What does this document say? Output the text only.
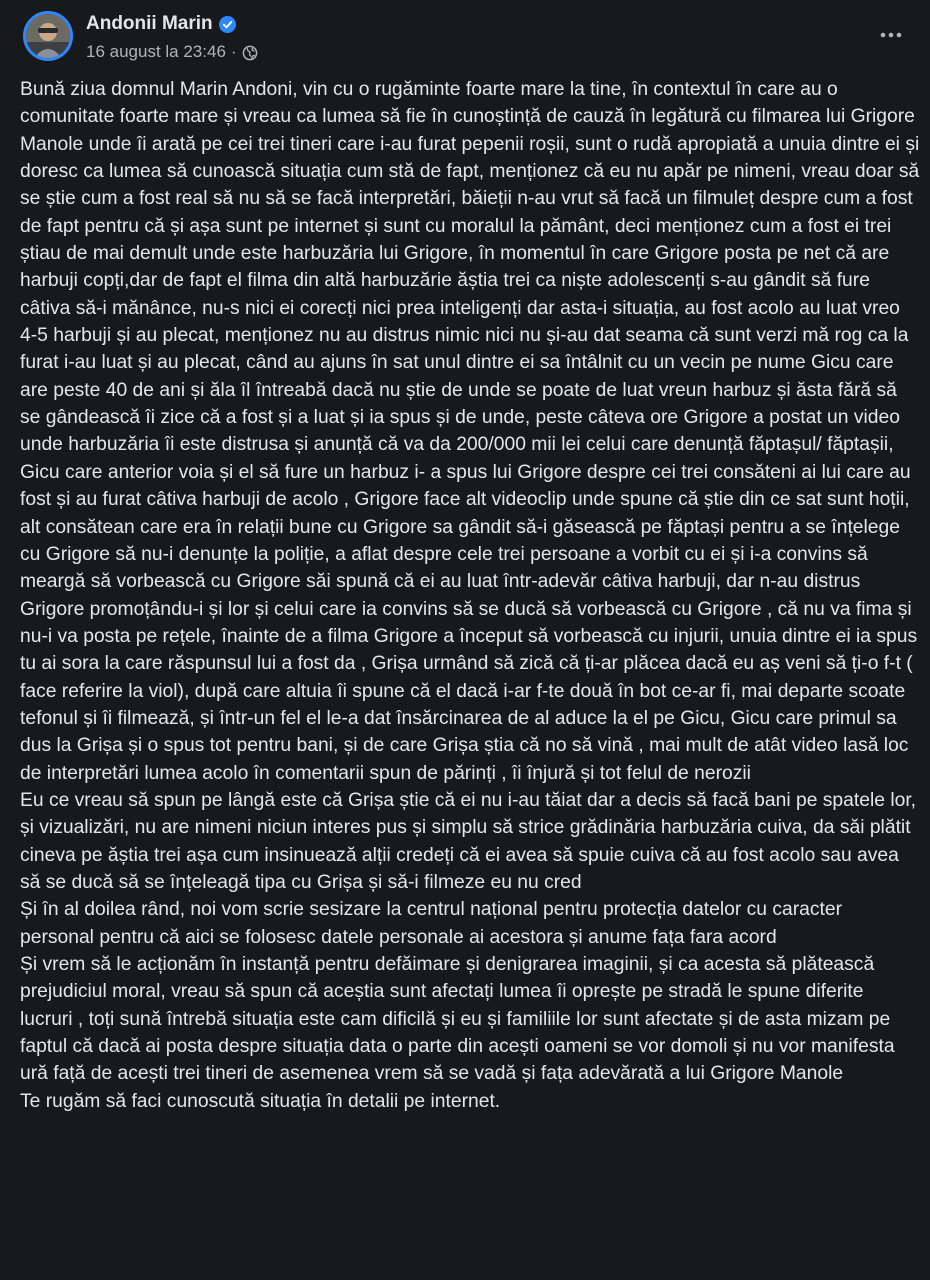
Andonii Marin
16 august la 23:46 ·

Bună ziua domnul Marin Andoni, vin cu o rugăminte foarte mare la tine, în contextul în care au o comunitate foarte mare și vreau ca lumea să fie în cunoștință de cauză în legătură cu filmarea lui Grigore Manole unde îi arată pe cei trei tineri care i-au furat pepenii roșii, sunt o rudă apropiată a unuia dintre ei și doresc ca lumea să cunoască situația cum stă de fapt, menționez că eu nu apăr pe nimeni, vreau doar să se știe cum a fost real să nu să se facă interpretări, băieții n-au vrut să facă un filmuleț despre cum a fost de fapt pentru că și așa sunt pe internet și sunt cu moralul la pământ, deci menționez cum a fost ei trei știau de mai demult unde este harbuzăria lui Grigore, în momentul în care Grigore posta pe net că are harbuji copți,dar de fapt el filma din altă harbuzărie ăștia trei ca niște adolescenți s-au gândit să fure câtiva să-i mănânce, nu-s nici ei corecți nici prea inteligenți dar asta-i situația, au fost acolo au luat vreo 4-5 harbuji și au plecat, menționez nu au distrus nimic nici nu și-au dat seama că sunt verzi mă rog ca la furat i-au luat și au plecat, când au ajuns în sat unul dintre ei sa întâlnit cu un vecin pe nume Gicu care are peste 40 de ani și ăla îl întreabă dacă nu știe de unde se poate de luat vreun harbuz și ăsta fără să se gândească îi zice că a fost și a luat și ia spus și de unde, peste câteva ore Grigore a postat un video unde harbuzăria îi este distrusa și anunță că va da 200/000 mii lei celui care denunță făptașul/ făptașii, Gicu care anterior voia și el să fure un harbuz i- a spus lui Grigore despre cei trei consăteni ai lui care au fost și au furat câtiva harbuji de acolo , Grigore face alt videoclip unde spune că știe din ce sat sunt hoții, alt consătean care era în relații bune cu Grigore sa gândit să-i găsească pe făptași pentru a se înțelege cu Grigore să nu-i denunțe la poliție, a aflat despre cele trei persoane a vorbit cu ei și i-a convins să meargă să vorbească cu Grigore săi spună că ei au luat într-adevăr câtiva harbuji, dar n-au distrus Grigore promoțându-i și lor și celui care ia convins să se ducă să vorbească cu Grigore , că nu va fima și nu-i va posta pe rețele, înainte de a filma Grigore a început să vorbească cu injurii, unuia dintre ei ia spus tu ai sora la care răspunsul lui a fost da , Grișa urmând să zică că ți-ar plăcea dacă eu aș veni să ți-o f-t ( face referire la viol), după care altuia îi spune că el dacă i-ar f-te două în bot ce-ar fi, mai departe scoate tefonul și îi filmează, și într-un fel el le-a dat însărcinarea de al aduce la el pe Gicu, Gicu care primul sa dus la Grișa și o spus tot pentru bani, și de care Grișa știa că no să vină , mai mult de atât video lasă loc de interpretări lumea acolo în comentarii spun de părinți , îi înjură și tot felul de nerozii

Eu ce vreau să spun pe lângă este că Grișa știe că ei nu i-au tăiat dar a decis să facă bani pe spatele lor, și vizualizări, nu are nimeni niciun interes pus și simplu să strice grădinăria harbuzăria cuiva, da săi plătit cineva pe ăștia trei așa cum insinuează alții credeți că ei avea să spuie cuiva că au fost acolo sau avea să se ducă să se înțeleagă tipa cu Grișa și să-i filmeze eu nu cred

Și în al doilea rând, noi vom scrie sesizare la centrul național pentru protecția datelor cu caracter personal pentru că aici se folosesc datele personale ai acestora și anume fața fara acord

Și vrem să le acționăm în instanță pentru defăimare și denigrarea imaginii, și ca acesta să plătească prejudiciul moral, vreau să spun că aceștia sunt afectați lumea îi oprește pe stradă le spune diferite lucruri , toți sună întrebă situația este cam dificilă și eu și familiile lor sunt afectate și de asta mizam pe faptul că dacă ai posta despre situația data o parte din acești oameni se vor domoli și nu vor manifesta ură față de acești trei tineri de asemenea vrem să se vadă și fața adevărată a lui Grigore Manole

Te rugăm să faci cunoscută situația în detalii pe internet.
